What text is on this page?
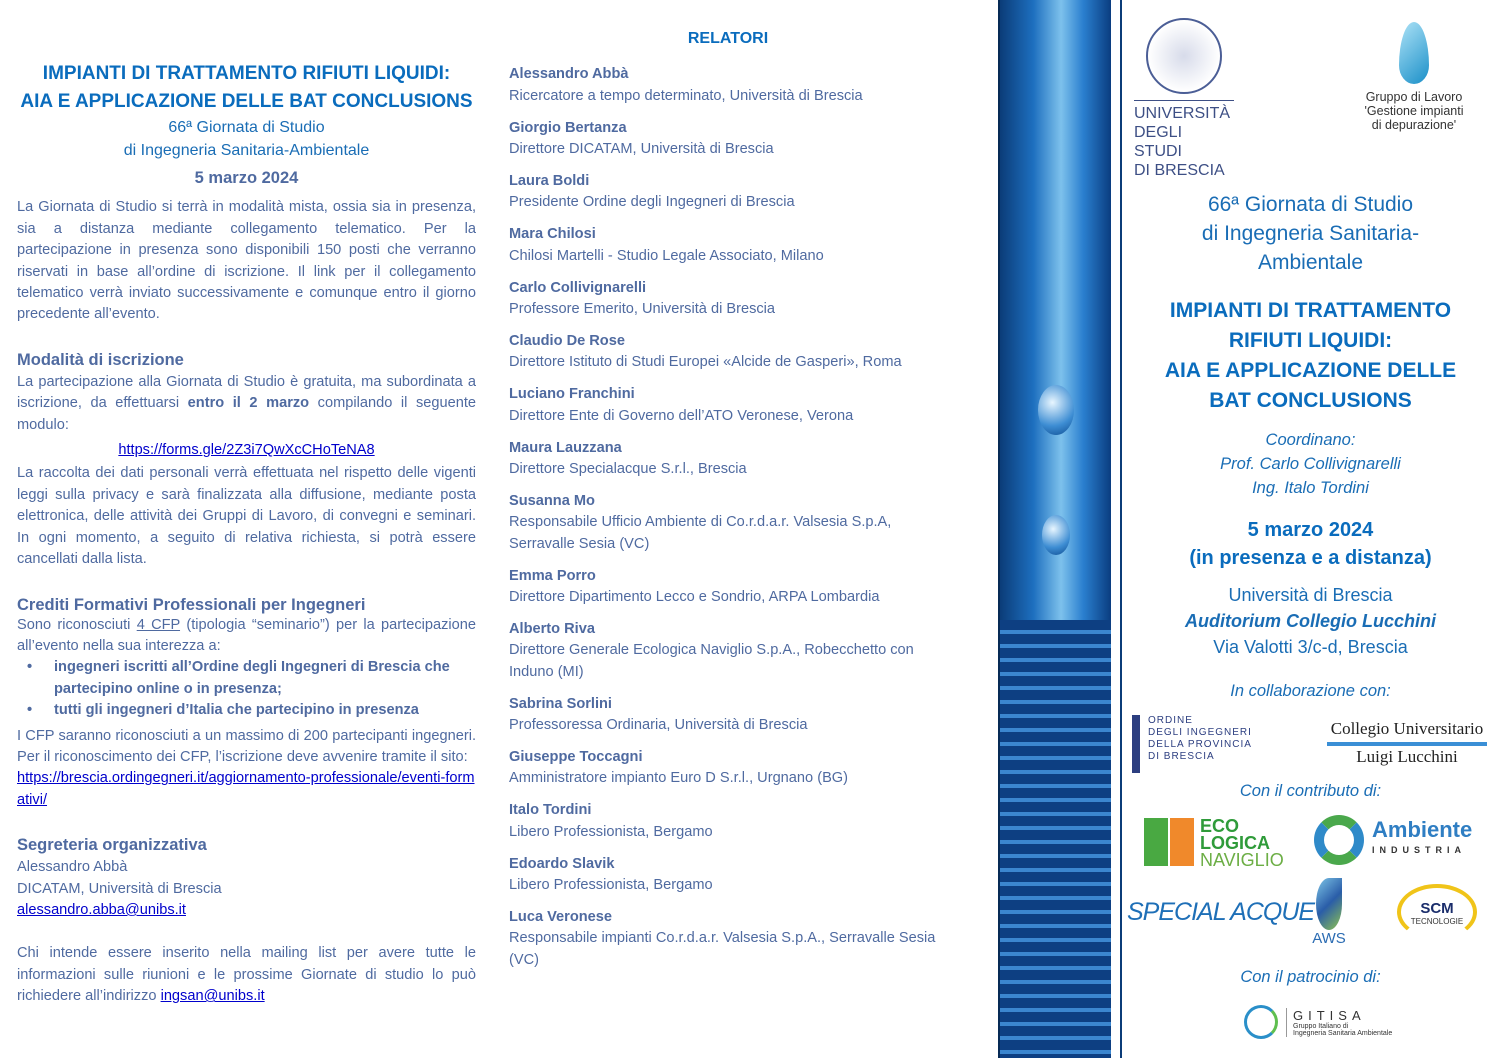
IMPIANTI DI TRATTAMENTO RIFIUTI LIQUIDI:
AIA E APPLICAZIONE DELLE BAT CONCLUSIONS
66ª Giornata di Studio
di Ingegneria Sanitaria-Ambientale
5 marzo 2024

La Giornata di Studio si terrà in modalità mista, ossia sia in presenza, sia a distanza mediante collegamento telematico. Per la partecipazione in presenza sono disponibili 150 posti che verranno riservati in base all’ordine di iscrizione. Il link per il collegamento telematico verrà inviato successivamente e comunque entro il giorno precedente all’evento.

Modalità di iscrizione

La partecipazione alla Giornata di Studio è gratuita, ma subordinata a iscrizione, da effettuarsi entro il 2 marzo compilando il seguente modulo:

https://forms.gle/2Z3i7QwXcCHoTeNA8

La raccolta dei dati personali verrà effettuata nel rispetto delle vigenti leggi sulla privacy e sarà finalizzata alla diffusione, mediante posta elettronica, delle attività dei Gruppi di Lavoro, di convegni e seminari. In ogni momento, a seguito di relativa richiesta, si potrà essere cancellati dalla lista.

Crediti Formativi Professionali per Ingegneri

Sono riconosciuti 4 CFP (tipologia “seminario”) per la partecipazione all’evento nella sua interezza a:

• ingegneri iscritti all’Ordine degli Ingegneri di Brescia che partecipino online o in presenza;
• tutti gli ingegneri d’Italia che partecipino in presenza

I CFP saranno riconosciuti a un massimo di 200 partecipanti ingegneri. Per il riconoscimento dei CFP, l’iscrizione deve avvenire tramite il sito:

https://brescia.ordingegneri.it/aggiornamento-professionale/eventi-formativi/

Segreteria organizzativa
Alessandro Abbà
DICATAM, Università di Brescia
alessandro.abba@unibs.it

Chi intende essere inserito nella mailing list per avere tutte le informazioni sulle riunioni e le prossime Giornate di studio lo può richiedere all’indirizzo ingsan@unibs.it

RELATORI
Alessandro Abbà
Ricercatore a tempo determinato, Università di Brescia
Giorgio Bertanza
Direttore DICATAM, Università di Brescia
Laura Boldi
Presidente Ordine degli Ingegneri di Brescia
Mara Chilosi
Chilosi Martelli - Studio Legale Associato, Milano
Carlo Collivignarelli
Professore Emerito, Università di Brescia
Claudio De Rose
Direttore Istituto di Studi Europei «Alcide de Gasperi», Roma
Luciano Franchini
Direttore Ente di Governo dell’ATO Veronese, Verona
Maura Lauzzana
Direttore Specialacque S.r.l., Brescia
Susanna Mo
Responsabile Ufficio Ambiente di Co.r.d.a.r. Valsesia S.p.A, Serravalle Sesia (VC)
Emma Porro
Direttore Dipartimento Lecco e Sondrio, ARPA Lombardia
Alberto Riva
Direttore Generale Ecologica Naviglio S.p.A., Robecchetto con Induno (MI)
Sabrina Sorlini
Professoressa Ordinaria, Università di Brescia
Giuseppe Toccagni
Amministratore impianto Euro D S.r.l., Urgnano (BG)
Italo Tordini
Libero Professionista, Bergamo
Edoardo Slavik
Libero Professionista, Bergamo
Luca Veronese
Responsabile impianti Co.r.d.a.r. Valsesia S.p.A., Serravalle Sesia (VC)
UNIVERSITÀ
DEGLI STUDI
DI BRESCIA
Gruppo di Lavoro
'Gestione impianti
di depurazione'
66ª Giornata di Studio
di Ingegneria Sanitaria-
Ambientale
IMPIANTI DI TRATTAMENTO
RIFIUTI LIQUIDI:
AIA E APPLICAZIONE DELLE
BAT CONCLUSIONS
Coordinano:
Prof. Carlo Collivignarelli
Ing. Italo Tordini
5 marzo 2024
(in presenza e a distanza)
Università di Brescia
Auditorium Collegio Lucchini
Via Valotti 3/c-d, Brescia
In collaborazione con:
ORDINE
DEGLI INGEGNERI
DELLA PROVINCIA
DI BRESCIA
Collegio Universitario
Luigi Lucchini
Con il contributo di:
ECO
LOGICA
NAVIGLIO
Ambiente
INDUSTRIA
SPECIAL ACQUE
AWS
SCM
TECNOLOGIE
Con il patrocinio di:
GITISA
Gruppo Italiano di
Ingegneria Sanitaria Ambientale
